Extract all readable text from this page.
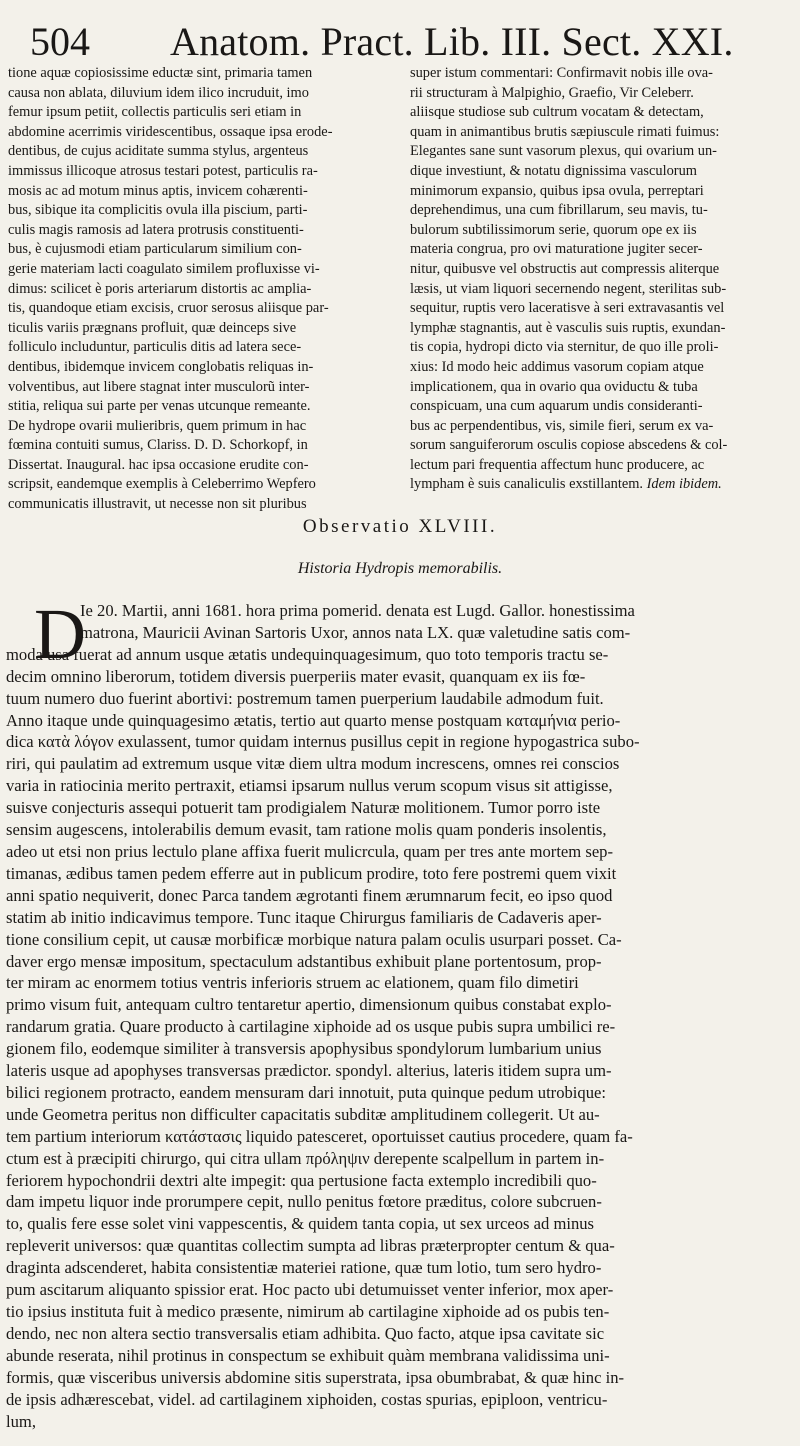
504 Anatom. Pract. Lib. III. Sect. XXI.
tione aquæ copiosissime eductæ sint, primaria tamen
causa non ablata, diluvium idem ilico incruduit, imo
femur ipsum petiit, collectis particulis seri etiam in
abdomine acerrimis viridescentibus, ossaque ipsa erode-
dentibus, de cujus aciditate summa stylus, argenteus
immissus illicoque atrosus testari potest, particulis ra-
mosis ac ad motum minus aptis, invicem cohærenti-
bus, sibique ita complicitis ovula illa piscium, parti-
culis magis ramosis ad latera protrusis constituenti-
bus, è cujusmodi etiam particularum similium con-
gerie materiam lacti coagulato similem profluxisse vi-
dimus: scilicet è poris arteriarum distortis ac amplia-
tis, quandoque etiam excisis, cruor serosus aliisque par-
ticulis variis prægnans profluit, quæ deinceps sive
folliculo includuntur, particulis ditis ad latera sece-
dentibus, ibidemque invicem conglobatis reliquas in-
volventibus, aut libere stagnat inter musculorũ inter-
stitia, reliqua sui parte per venas utcunque remeante.
De hydrope ovarii mulieribris, quem primum in hac
fœmina contuiti sumus, Clariss. D. D. Schorkopf, in
Dissertat. Inaugural. hac ipsa occasione erudite con-
scripsit, eandemque exemplis à Celeberrimo Wepfero
communicatis illustravit, ut necesse non sit pluribus
super istum commentari: Confirmavit nobis ille ova-
rii structuram à Malpighio, Graefio, Vir Celeberr.
aliisque studiose sub cultrum vocatam & detectam,
quam in animantibus brutis sæpiuscule rimati fuimus:
Elegantes sane sunt vasorum plexus, qui ovarium un-
dique investiunt, & notatu dignissima vasculorum
minimorum expansio, quibus ipsa ovula, perreptari
deprehendimus, una cum fibrillarum, seu mavis, tu-
bulorum subtilissimorum serie, quorum ope ex iis
materia congrua, pro ovi maturatione jugiter secer-
nitur, quibusve vel obstructis aut compressis aliterque
læsis, ut viam liquori secernendo negent, sterilitas sub-
sequitur, ruptis vero laceratisve à seri extravasantis vel
lymphæ stagnantis, aut è vasculis suis ruptis, exundan-
tis copia, hydropi dicto via sternitur, de quo ille proli-
xius: Id modo heic addimus vasorum copiam atque
implicationem, qua in ovario qua oviductu & tuba
conspicuam, una cum aquarum undis consideranti-
bus ac perpendentibus, vis, simile fieri, serum ex va-
sorum sanguiferorum osculis copiose abscedens & col-
lectum pari frequentia affectum hunc producere, ac
lympham è suis canaliculis exstillantem. Idem ibidem.
Observatio XLVIII.
Historia Hydropis memorabilis.
D
Ie 20. Martii, anni 1681. hora prima pomerid. denata est Lugd. Gallor. honestissima
matrona, Mauricii Avinan Sartoris Uxor, annos nata LX. quæ valetudine satis com-
moda usa fuerat ad annum usque ætatis undequinquagesimum, quo toto temporis tractu se-
decim omnino liberorum, totidem diversis puerperiis mater evasit, quanquam ex iis fœ-
tuum numero duo fuerint abortivi: postremum tamen puerperium laudabile admodum fuit.
Anno itaque unde quinquagesimo ætatis, tertio aut quarto mense postquam καταμήνια perio-
dica κατὰ λόγον exulassent, tumor quidam internus pusillus cepit in regione hypogastrica subo-
riri, qui paulatim ad extremum usque vitæ diem ultra modum increscens, omnes rei conscios
varia in ratiocinia merito pertraxit, etiamsi ipsarum nullus verum scopum visus sit attigisse,
suisve conjecturis assequi potuerit tam prodigialem Naturæ molitionem. Tumor porro iste
sensim augescens, intolerabilis demum evasit, tam ratione molis quam ponderis insolentis,
adeo ut etsi non prius lectulo plane affixa fuerit mulicrcula, quam per tres ante mortem sep-
timanas, ædibus tamen pedem efferre aut in publicum prodire, toto fere postremi quem vixit
anni spatio nequiverit, donec Parca tandem ægrotanti finem ærumnarum fecit, eo ipso quod
statim ab initio indicavimus tempore. Tunc itaque Chirurgus familiaris de Cadaveris aper-
tione consilium cepit, ut causæ morbificæ morbique natura palam oculis usurpari posset. Ca-
daver ergo mensæ impositum, spectaculum adstantibus exhibuit plane portentosum, prop-
ter miram ac enormem totius ventris inferioris struem ac elationem, quam filo dimetiri
primo visum fuit, antequam cultro tentaretur apertio, dimensionum quibus constabat explo-
randarum gratia. Quare producto à cartilagine xiphoide ad os usque pubis supra umbilici re-
gionem filo, eodemque similiter à transversis apophysibus spondylorum lumbarium unius
lateris usque ad apophyses transversas prædictor. spondyl. alterius, lateris itidem supra um-
bilici regionem protracto, eandem mensuram dari innotuit, puta quinque pedum utrobique:
unde Geometra peritus non difficulter capacitatis subditæ amplitudinem collegerit. Ut au-
tem partium interiorum κατάστασις liquido patesceret, oportuisset cautius procedere, quam fa-
ctum est à præcipiti chirurgo, qui citra ullam πρόληψιν derepente scalpellum in partem in-
feriorem hypochondrii dextri alte impegit: qua pertusione facta extemplo incredibili quo-
dam impetu liquor inde prorumpere cepit, nullo penitus fœtore præditus, colore subcruen-
to, qualis fere esse solet vini vappescentis, & quidem tanta copia, ut sex urceos ad minus
repleverit universos: quæ quantitas collectim sumpta ad libras præterpropter centum & qua-
draginta adscenderet, habita consistentiæ materiei ratione, quæ tum lotio, tum sero hydro-
pum ascitarum aliquanto spissior erat. Hoc pacto ubi detumuisset venter inferior, mox aper-
tio ipsius instituta fuit à medico præsente, nimirum ab cartilagine xiphoide ad os pubis ten-
dendo, nec non altera sectio transversalis etiam adhibita. Quo facto, atque ipsa cavitate sic
abunde reserata, nihil protinus in conspectum se exhibuit quàm membrana validissima uni-
formis, quæ visceribus universis abdomine sitis superstrata, ipsa obumbrabat, & quæ hinc in-
de ipsis adhærescebat, videl. ad cartilaginem xiphoiden, costas spurias, epiploon, ventricu-
lum,
